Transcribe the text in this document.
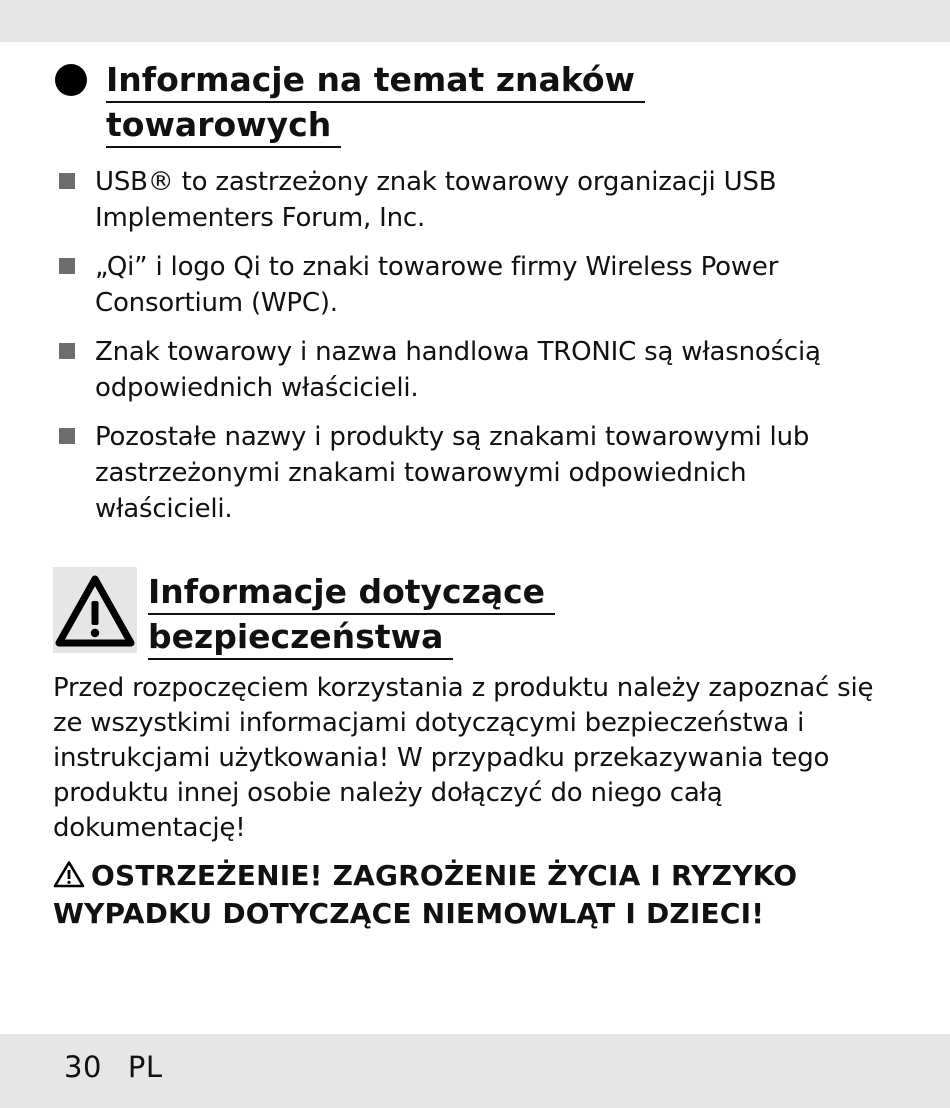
Informacje na temat znaków
towarowych
USB® to zastrzeżony znak towarowy organizacji USB Implementers Forum, Inc.
„Qi” i logo Qi to znaki towarowe firmy Wireless Power Consortium (WPC).
Znak towarowy i nazwa handlowa TRONIC są własnością odpowiednich właścicieli.
Pozostałe nazwy i produkty są znakami towarowymi lub zastrzeżonymi znakami towarowymi odpowiednich właścicieli.
Informacje dotyczące
bezpieczeństwa

Przed rozpoczęciem korzystania z produktu należy zapoznać się ze wszystkimi informacjami dotyczącymi bezpieczeństwa i instrukcjami użytkowania! W przypadku przekazywania tego produktu innej osobie należy dołączyć do niego całą dokumentację!

OSTRZEŻENIE! ZAGROŻENIE ŻYCIA I RYZYKO WYPADKU DOTYCZĄCE NIEMOWLĄT I DZIECI!

30 PL
